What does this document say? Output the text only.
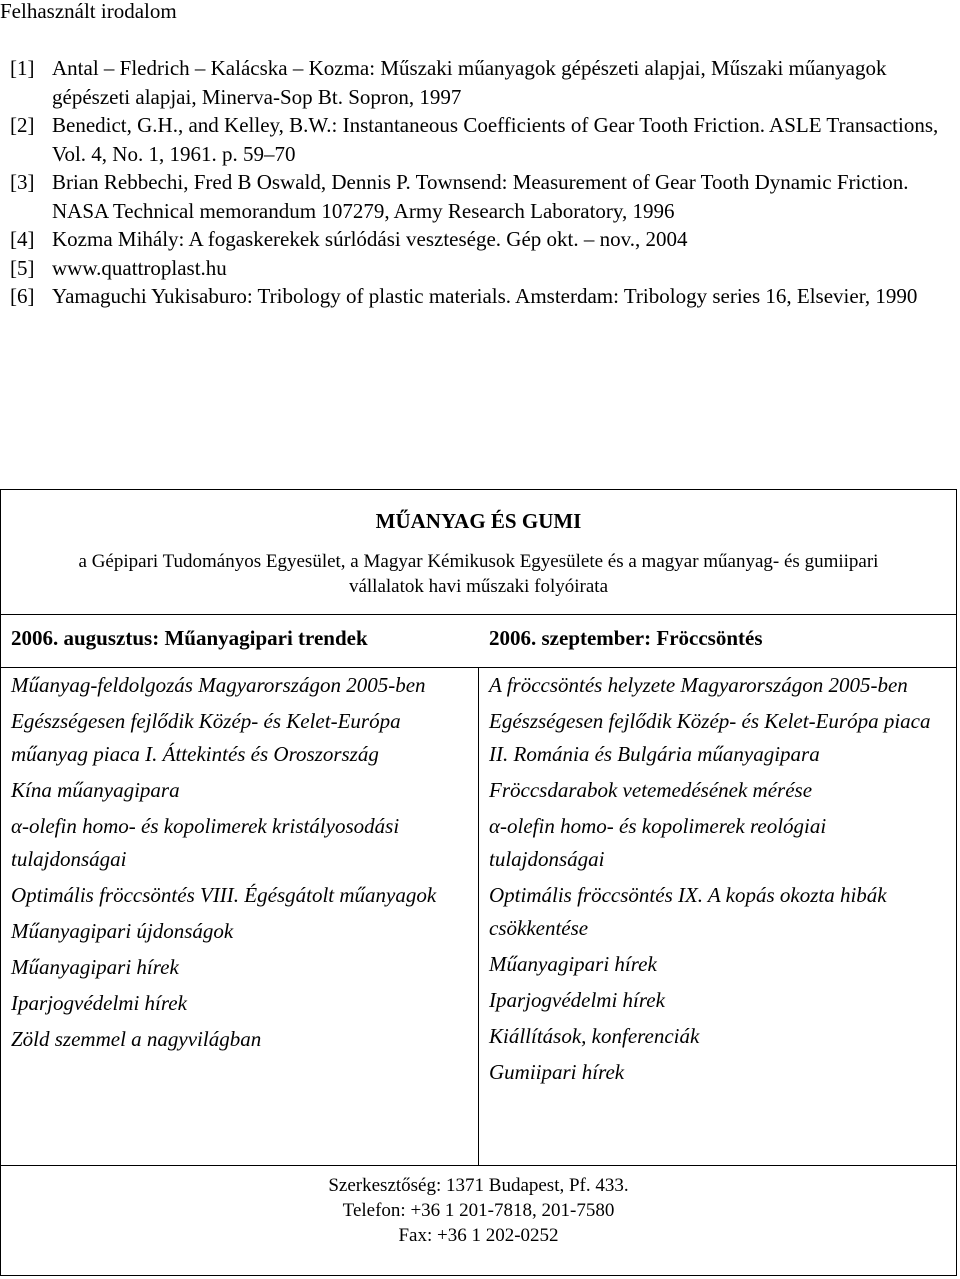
Felhasznált irodalom
[1] Antal – Fledrich – Kalácska – Kozma: Műszaki műanyagok gépészeti alapjai, Műszaki műanyagok gépészeti alapjai, Minerva-Sop Bt. Sopron, 1997
[2] Benedict, G.H., and Kelley, B.W.: Instantaneous Coefficients of Gear Tooth Friction. ASLE Transactions, Vol. 4, No. 1, 1961. p. 59–70
[3] Brian Rebbechi, Fred B Oswald, Dennis P. Townsend: Measurement of Gear Tooth Dynamic Friction. NASA Technical memorandum 107279, Army Research Laboratory, 1996
[4] Kozma Mihály: A fogaskerekek súrlódási vesztesége. Gép okt. – nov., 2004
[5] www.quattroplast.hu
[6] Yamaguchi Yukisaburo: Tribology of plastic materials. Amsterdam: Tribology series 16, Elsevier, 1990
MŰANYAG ÉS GUMI
a Gépipari Tudományos Egyesület, a Magyar Kémikusok Egyesülete és a magyar műanyag- és gumiipari vállalatok havi műszaki folyóirata
2006. augusztus: Műanyagipari trendek	2006. szeptember: Fröccsöntés
Műanyag-feldolgozás Magyarországon 2005-ben
Egészségesen fejlődik Közép- és Kelet-Európa műanyag piaca I. Áttekintés és Oroszország
Kína műanyagipara
α-olefin homo- és kopolimerek kristályosodási tulajdonságai
Optimális fröccsöntés VIII. Égésgátolt műanyagok
Műanyagipari újdonságok
Műanyagipari hírek
Iparjogvédelmi hírek
Zöld szemmel a nagyvilágban
A fröccsöntés helyzete Magyarországon 2005-ben
Egészségesen fejlődik Közép- és Kelet-Európa piaca II. Románia és Bulgária műanyagipara
Fröccsdarabok vetemedésének mérése
α-olefin homo- és kopolimerek reológiai tulajdonságai
Optimális fröccsöntés IX. A kopás okozta hibák csökkentése
Műanyagipari hírek
Iparjogvédelmi hírek
Kiállítások, konferenciák
Gumiipari hírek
Szerkesztőség: 1371 Budapest, Pf. 433.
Telefon: +36 1 201-7818, 201-7580
Fax: +36 1 202-0252
